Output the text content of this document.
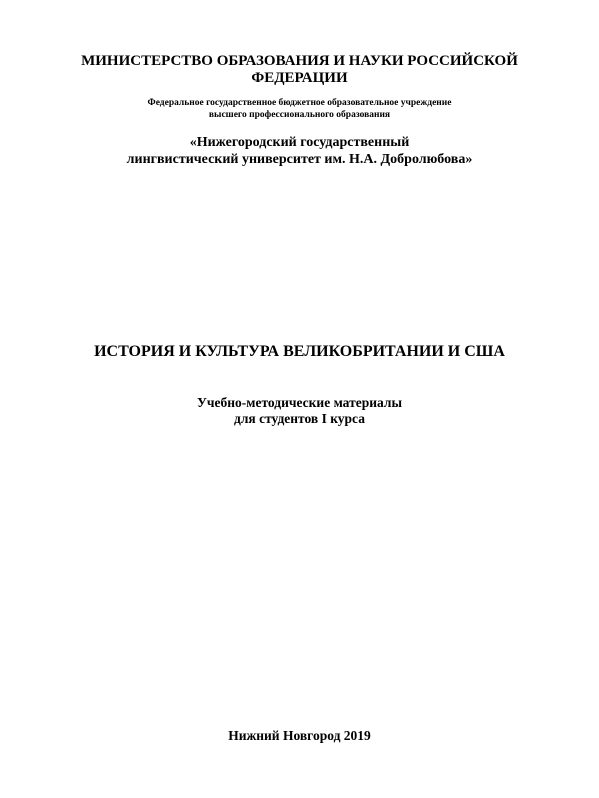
МИНИСТЕРСТВО ОБРАЗОВАНИЯ И НАУКИ РОССИЙСКОЙ
ФЕДЕРАЦИИ
Федеральное государственное бюджетное образовательное учреждение
высшего профессионального образования
«Нижегородский государственный
лингвистический университет им. Н.А. Добролюбова»
ИСТОРИЯ И КУЛЬТУРА ВЕЛИКОБРИТАНИИ И США
Учебно-методические материалы
для студентов I курса
Нижний Новгород 2019
